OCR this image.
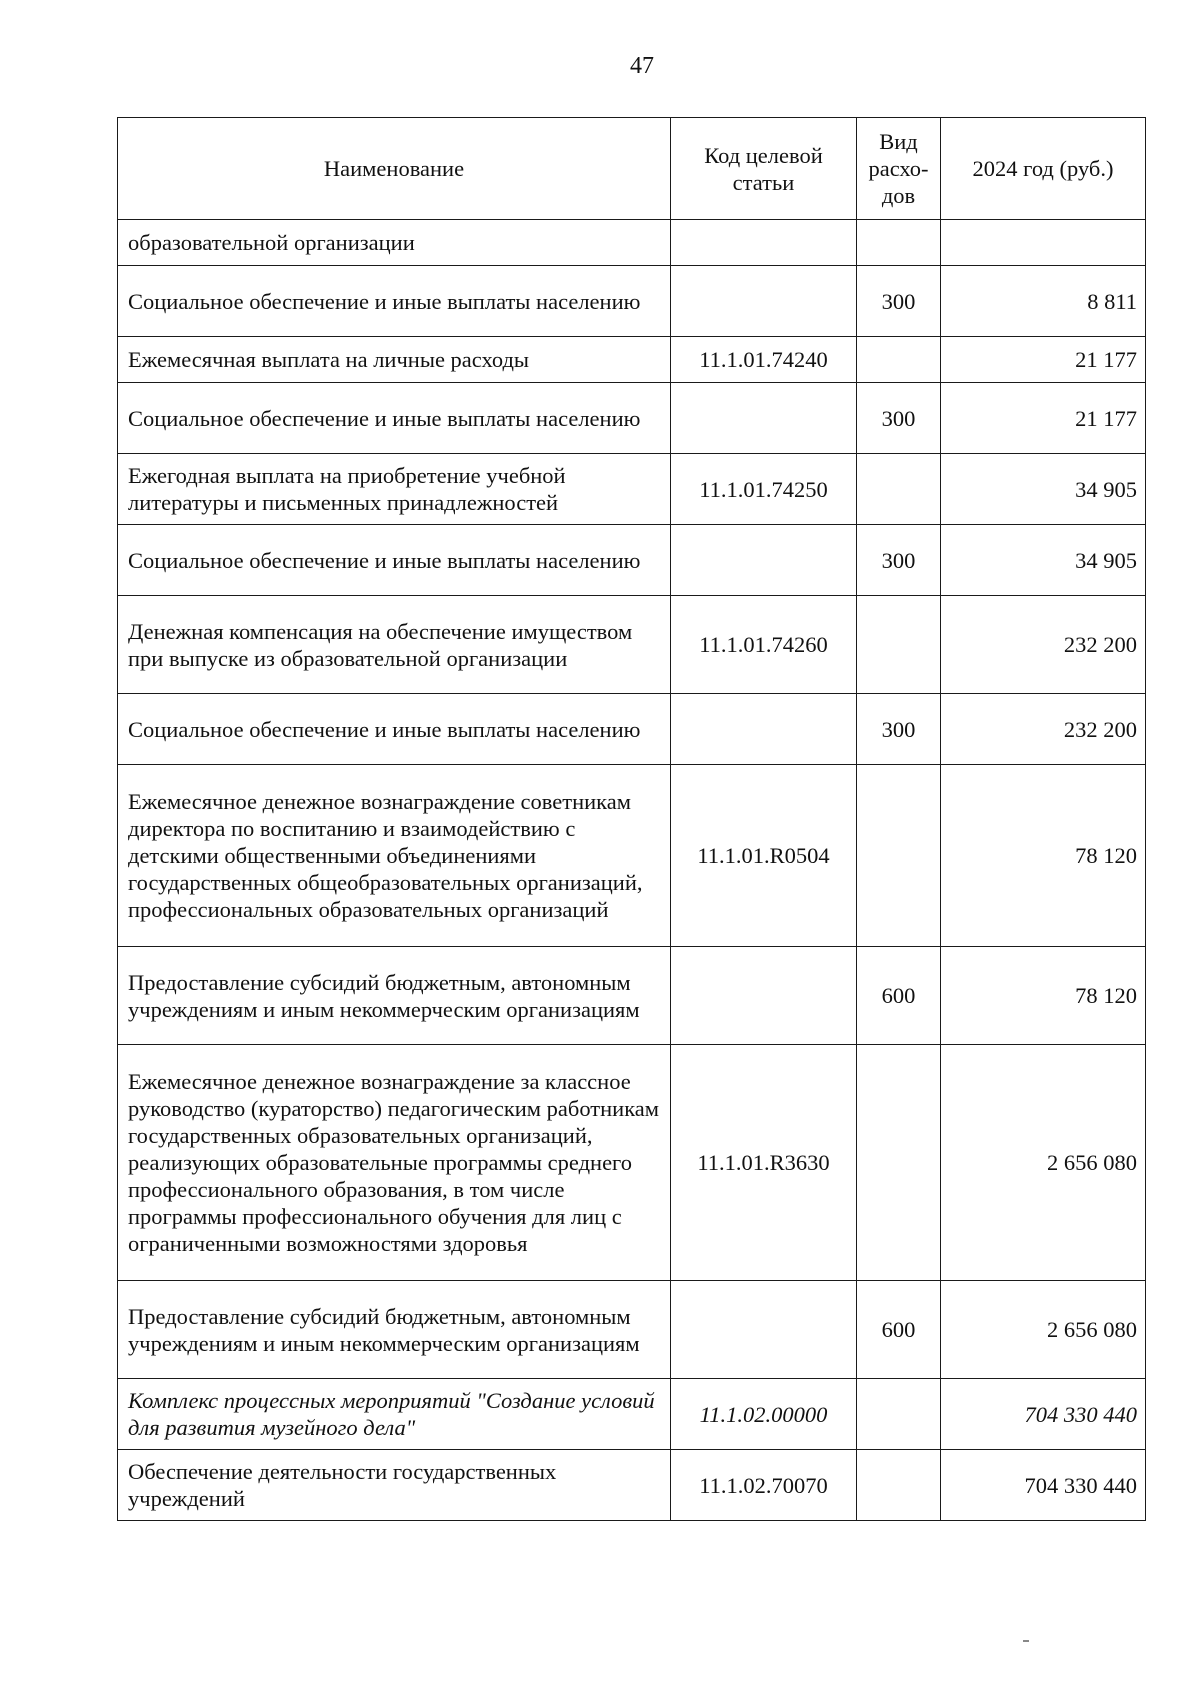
47
Наименование	Код целевой статьи	Вид расхо- дов	2024 год (руб.)
образовательной организации			
Социальное обеспечение и иные выплаты населению		300	8 811
Ежемесячная выплата на личные расходы	11.1.01.74240		21 177
Социальное обеспечение и иные выплаты населению		300	21 177
Ежегодная выплата на приобретение учебной литературы и письменных принадлежностей	11.1.01.74250		34 905
Социальное обеспечение и иные выплаты населению		300	34 905
Денежная компенсация на обеспечение имуществом при выпуске из образовательной организации	11.1.01.74260		232 200
Социальное обеспечение и иные выплаты населению		300	232 200
Ежемесячное денежное вознаграждение советникам директора по воспитанию и взаимодействию с детскими общественными объединениями государственных общеобразовательных организаций, профессиональных образовательных организаций	11.1.01.R0504		78 120
Предоставление субсидий бюджетным, автономным учреждениям и иным некоммерческим организациям		600	78 120
Ежемесячное денежное вознаграждение за классное руководство (кураторство) педагогическим работникам государственных образовательных организаций, реализующих образовательные программы среднего профессионального образования, в том числе программы профессионального обучения для лиц с ограниченными возможностями здоровья	11.1.01.R3630		2 656 080
Предоставление субсидий бюджетным, автономным учреждениям и иным некоммерческим организациям		600	2 656 080
Комплекс процессных мероприятий "Создание условий для развития музейного дела"	11.1.02.00000		704 330 440
Обеспечение деятельности государственных учреждений	11.1.02.70070		704 330 440
